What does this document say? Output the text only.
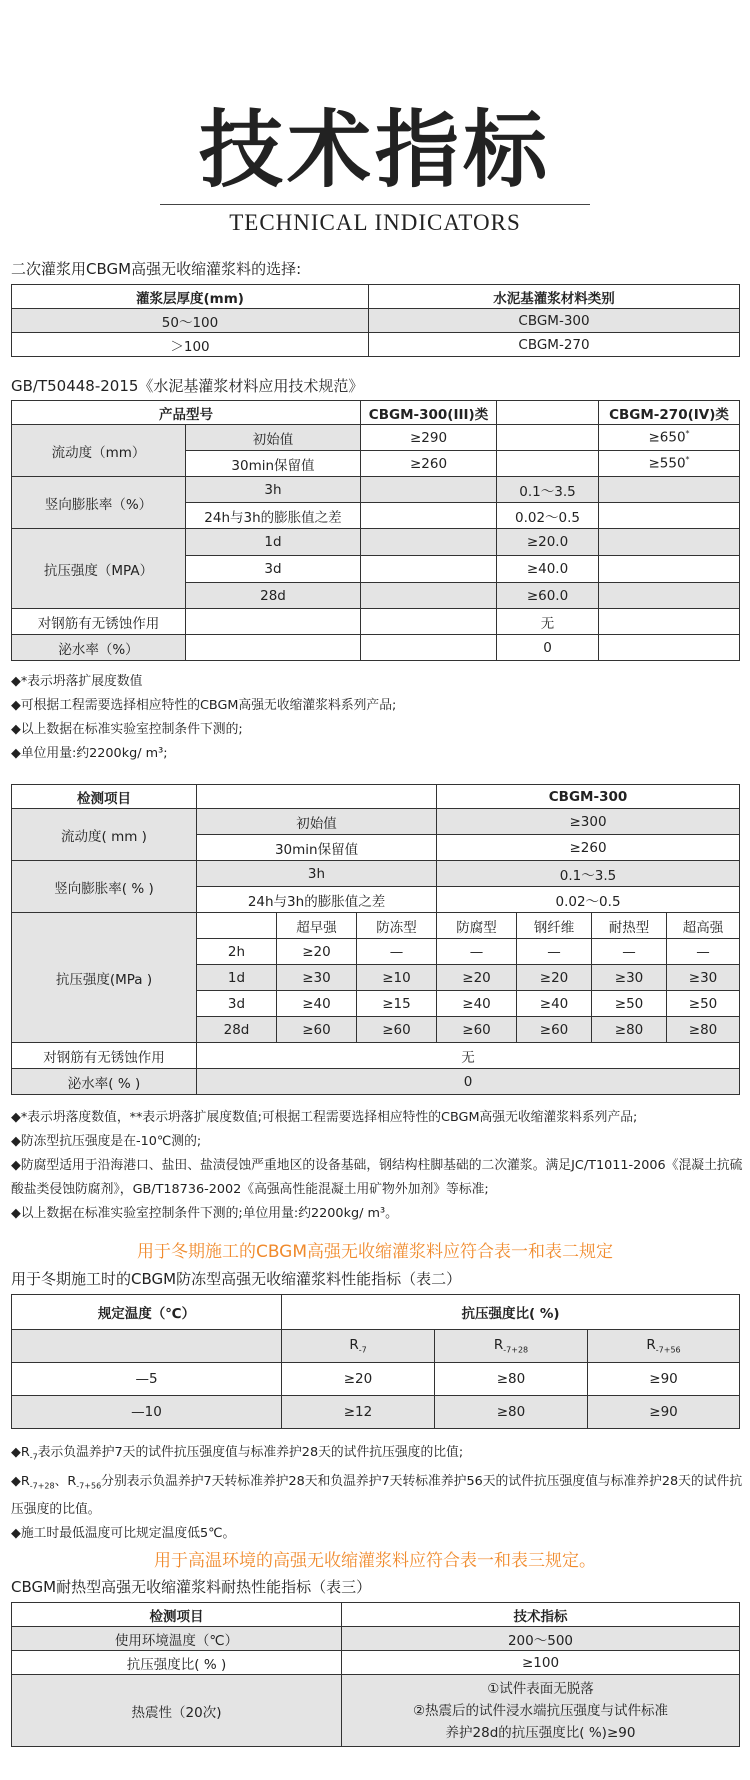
技术指标
TECHNICAL INDICATORS
二次灌浆用CBGM高强无收缩灌浆料的选择:
灌浆层厚度(mm)	水泥基灌浆材料类别
50～100	CBGM-300
＞100	CBGM-270
GB/T50448-2015《水泥基灌浆材料应用技术规范》
产品型号		CBGM-300(III)类		CBGM-270(IV)类
流动度（mm）	初始值	≥290		≥650*
	30min保留值	≥260		≥550*
竖向膨胀率（%）	3h		0.1～3.5	
	24h与3h的膨胀值之差		0.02～0.5	
抗压强度（MPA）	1d		≥20.0	
	3d		≥40.0	
	28d		≥60.0	
对钢筋有无锈蚀作用			无	
泌水率（%）			0	
◆*表示坍落扩展度数值
◆可根据工程需要选择相应特性的CBGM高强无收缩灌浆料系列产品;
◆以上数据在标准实验室控制条件下测的;
◆单位用量:约2200kg/ m³;
检测项目				CBGM-300			
流动度( mm )	初始值			≥300			
	30min保留值			≥260			
竖向膨胀率( % )	3h			0.1～3.5			
	24h与3h的膨胀值之差			0.02～0.5			
抗压强度(MPa )		超早强	防冻型	防腐型	钢纤维	耐热型	超高强
	2h	≥20	—	—	—	—	—
	1d	≥30	≥10	≥20	≥20	≥30	≥30
	3d	≥40	≥15	≥40	≥40	≥50	≥50
	28d	≥60	≥60	≥60	≥60	≥80	≥80
对钢筋有无锈蚀作用	无						
泌水率( % )	0						
◆*表示坍落度数值，**表示坍落扩展度数值;可根据工程需要选择相应特性的CBGM高强无收缩灌浆料系列产品;
◆防冻型抗压强度是在-10℃测的;
◆防腐型适用于沿海港口、盐田、盐渍侵蚀严重地区的设备基础，钢结构柱脚基础的二次灌浆。满足JC/T1011-2006《混凝土抗硫酸盐类侵蚀防腐剂》，GB/T18736-2002《高强高性能混凝土用矿物外加剂》等标准;
◆以上数据在标准实验室控制条件下测的;单位用量:约2200kg/ m³。
用于冬期施工的CBGM高强无收缩灌浆料应符合表一和表二规定
用于冬期施工时的CBGM防冻型高强无收缩灌浆料性能指标（表二）
规定温度（℃）	抗压强度比( %)		
	$R_{-7}$	$R_{-7+28}$	$R_{-7+56}$
—5	≥20	≥80	≥90
—10	≥12	≥80	≥90
$◆R_{-7}$表示负温养护7天的试件抗压强度值与标准养护28天的试件抗压强度的比值;
$◆R_{-7+28}$、$R_{-7+56}$分别表示负温养护7天转标准养护28天和负温养护7天转标准养护56天的试件抗压强度值与标准养护28天的试件抗压强度的比值。
◆施工时最低温度可比规定温度低5℃。
用于高温环境的高强无收缩灌浆料应符合表一和表三规定。
CBGM耐热型高强无收缩灌浆料耐热性能指标（表三）
检测项目	技术指标
使用环境温度（℃）	200～500
抗压强度比( % )	≥100
热震性（20次)	①试件表面无脱落
②热震后的试件浸水端抗压强度与试件标准
养护28d的抗压强度比( %)≥90
